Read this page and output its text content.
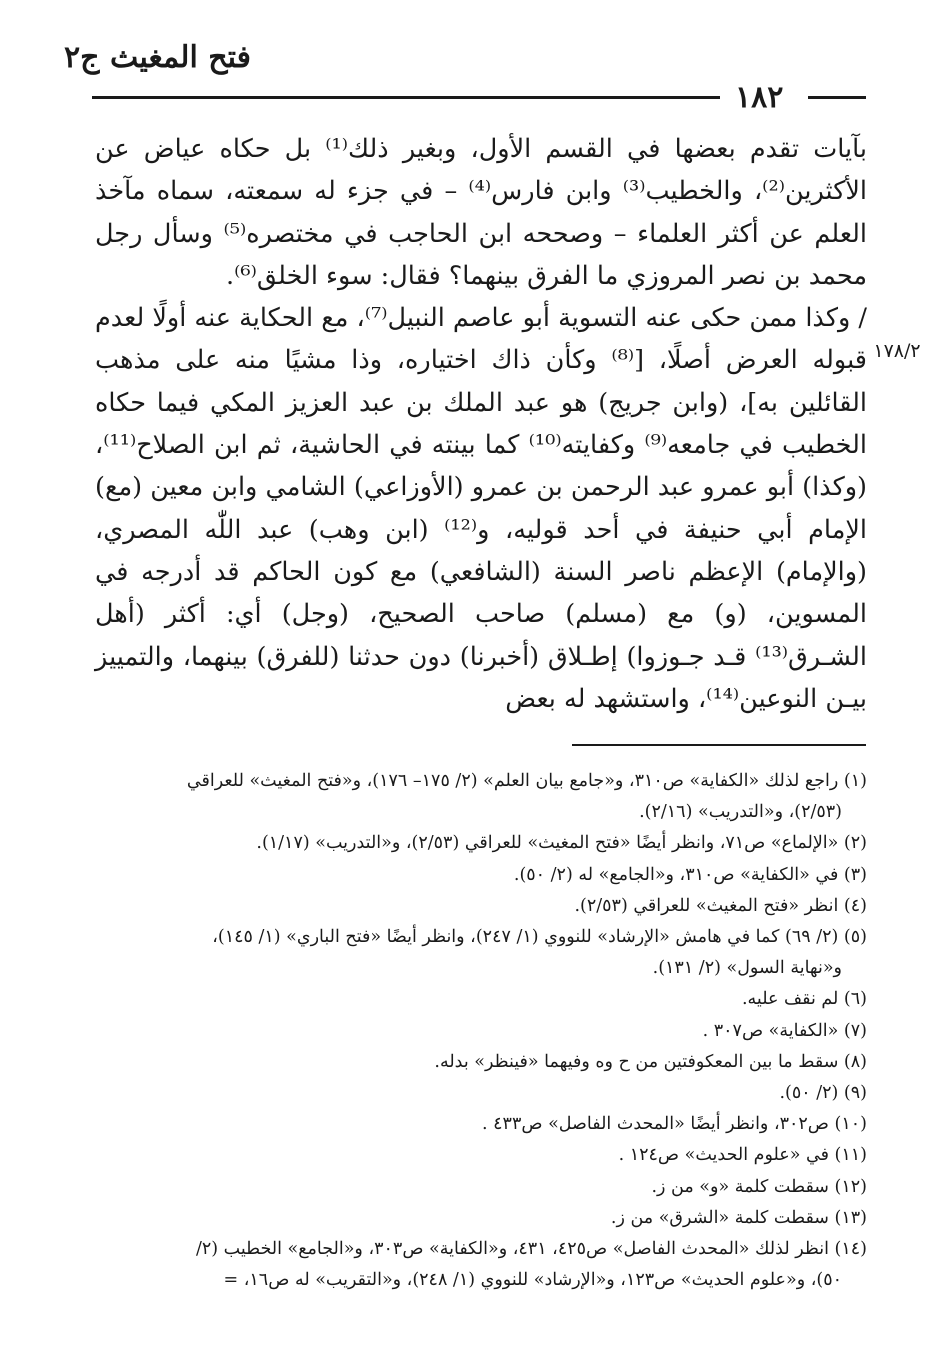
فتح المغيث ج٢
١٨٢
١٧٨/٢

بآيات تقدم بعضها في القسم الأول، وبغير ذلك⁽¹⁾ بل حكاه عياض عن الأكثرين⁽²⁾، والخطيب⁽³⁾ وابن فارس⁽⁴⁾ – في جزء له سمعته، سماه مآخذ العلم عن أكثر العلماء – وصححه ابن الحاجب في مختصره⁽⁵⁾ وسأل رجل محمد بن نصر المروزي ما الفرق بينهما؟ فقال: سوء الخلق⁽⁶⁾.

/ وكذا ممن حكى عنه التسوية أبو عاصم النبيل⁽⁷⁾، مع الحكاية عنه أولًا لعدم قبوله العرض أصلًا، [⁽⁸⁾ وكأن ذاك اختياره، وذا مشيًا منه على مذهب القائلين به]، (وابن جريج) هو عبد الملك بن عبد العزيز المكي فيما حكاه الخطيب في جامعه⁽⁹⁾ وكفايته⁽¹⁰⁾ كما بينته في الحاشية، ثم ابن الصلاح⁽¹¹⁾، (وكذا) أبو عمرو عبد الرحمن بن عمرو (الأوزاعي) الشامي وابن معين (مع) الإمام أبي حنيفة في أحد قوليه، و⁽¹²⁾ (ابن وهب) عبد اللّٰه المصري، (والإمام) الإعظم ناصر السنة (الشافعي) مع كون الحاكم قد أدرجه في المسوين، (و) مع (مسلم) صاحب الصحيح، (وجل) أي: أكثر (أهل الشـرق⁽¹³⁾ قـد جـوزوا) إطـلاق (أخبرنا) دون حدثنا (للفرق) بينهما، والتمييز بيـن النوعين⁽¹⁴⁾، واستشهد له بعض

(١) راجع لذلك «الكفاية» ص٣١٠، و«جامع بيان العلم» (٢/ ١٧٥– ١٧٦)، و«فتح المغيث» للعراقي
(٢/٥٣)، و«التدريب» (٢/١٦).
(٢) «الإلماع» ص٧١، وانظر أيضًا «فتح المغيث» للعراقي (٢/٥٣)، و«التدريب» (١/١٧).
(٣) في «الكفاية» ص٣١٠، و«الجامع» له (٢/ ٥٠).
(٤) انظر «فتح المغيث» للعراقي (٢/٥٣).
(٥) (٢/ ٦٩) كما في هامش «الإرشاد» للنووي (١/ ٢٤٧)، وانظر أيضًا «فتح الباري» (١/ ١٤٥)،
و«نهاية السول» (٢/ ١٣١).
(٦) لم نقف عليه.
(٧) «الكفاية» ص٣٠٧ .
(٨) سقط ما بين المعكوفتين من ح وه وفيهما «فينظر» بدله.
(٩) (٢/ ٥٠).
(١٠) ص٣٠٢، وانظر أيضًا «المحدث الفاصل» ص٤٣٣ .
(١١) في «علوم الحديث» ص١٢٤ .
(١٢) سقطت كلمة «و» من ز.
(١٣) سقطت كلمة «الشرق» من ز.
(١٤) انظر لذلك «المحدث الفاصل» ص٤٢٥، ٤٣١، و«الكفاية» ص٣٠٣، و«الجامع» الخطيب (٢/
٥٠)، و«علوم الحديث» ص١٢٣، و«الإرشاد» للنووي (١/ ٢٤٨)، و«التقريب» له ص١٦، =
